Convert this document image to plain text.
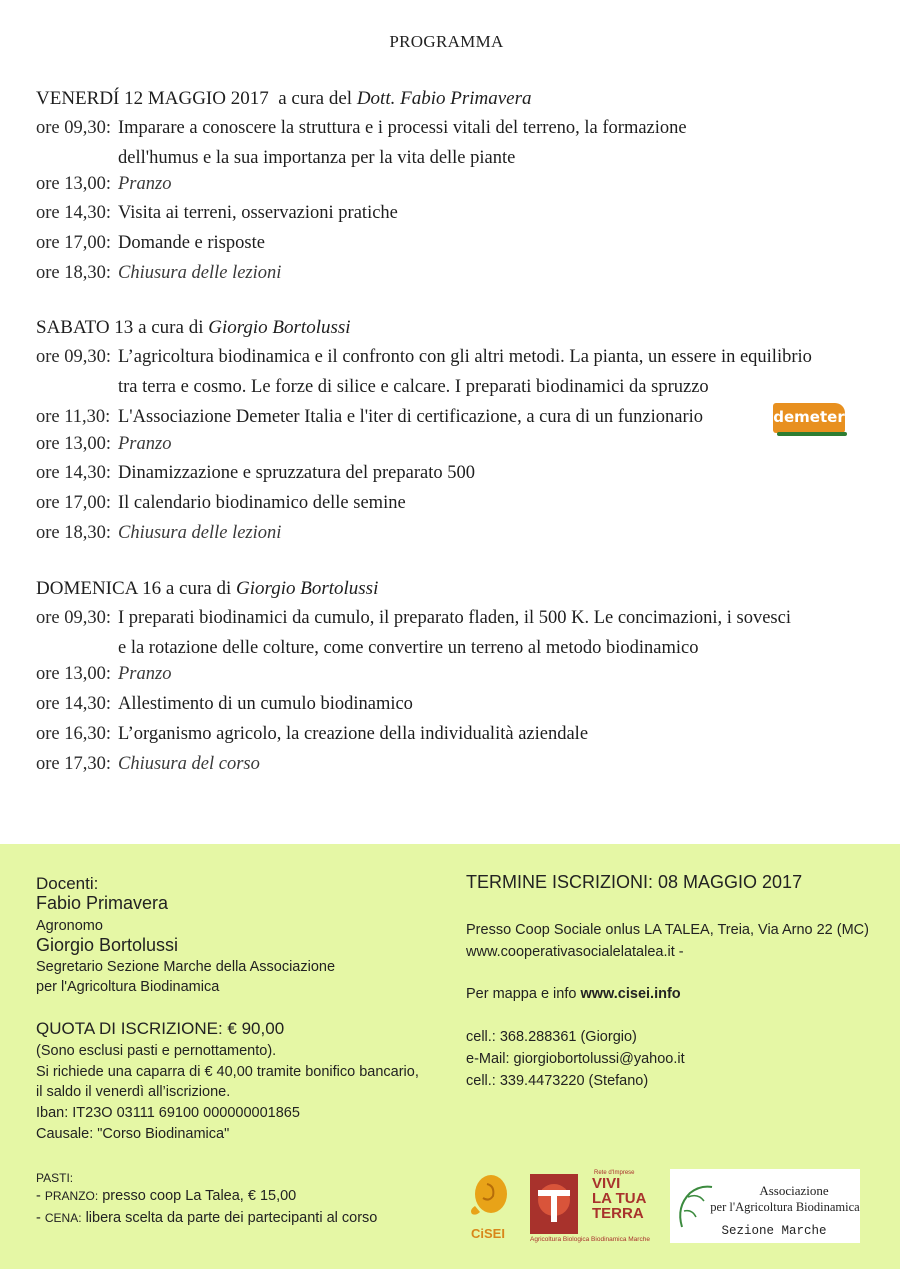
PROGRAMMA
VENERDÍ 12 MAGGIO 2017 a cura del Dott. Fabio Primavera
ore 09,30: Imparare a conoscere la struttura e i processi vitali del terreno, la formazione
dell'humus e la sua importanza per la vita delle piante
ore 13,00: Pranzo
ore 14,30: Visita ai terreni, osservazioni pratiche
ore 17,00: Domande e risposte
ore 18,30: Chiusura delle lezioni
SABATO 13 a cura di Giorgio Bortolussi
ore 09,30: L’agricoltura biodinamica e il confronto con gli altri metodi. La pianta, un essere in equilibrio
tra terra e cosmo. Le forze di silice e calcare. I preparati biodinamici da spruzzo
ore 11,30: L'Associazione Demeter Italia e l'iter di certificazione, a cura di un funzionario	demeter
ore 13,00: Pranzo
ore 14,30: Dinamizzazione e spruzzatura del preparato 500
ore 17,00: Il calendario biodinamico delle semine
ore 18,30: Chiusura delle lezioni
DOMENICA 16 a cura di Giorgio Bortolussi
ore 09,30: I preparati biodinamici da cumulo, il preparato fladen, il 500 K. Le concimazioni, i sovesci
e la rotazione delle colture, come convertire un terreno al metodo biodinamico
ore 13,00: Pranzo
ore 14,30: Allestimento di un cumulo biodinamico
ore 16,30: L’organismo agricolo, la creazione della individualità aziendale
ore 17,30: Chiusura del corso
Docenti:
Fabio Primavera
Agronomo
Giorgio Bortolussi
Segretario Sezione Marche della Associazione
per l'Agricoltura Biodinamica
QUOTA DI ISCRIZIONE: € 90,00
(Sono esclusi pasti e pernottamento).
Si richiede una caparra di € 40,00 tramite bonifico bancario,
il saldo il venerdì all’iscrizione.
Iban: IT23O 03111 69100 000000001865
Causale: "Corso Biodinamica"
PASTI:
- PRANZO: presso coop La Talea, € 15,00
- CENA: libera scelta da parte dei partecipanti al corso
TERMINE ISCRIZIONI: 08 MAGGIO 2017
Presso Coop Sociale onlus LA TALEA, Treia, Via Arno 22 (MC)
www.cooperativasocialelatalea.it -
Per mappa e info www.cisei.info
cell.: 368.288361 (Giorgio)
e-Mail: giorgiobortolussi@yahoo.it
cell.: 339.4473220 (Stefano)
CiSEI
Rete d'Imprese
VIVI
LA TUA
TERRA
Agricoltura Biologica Biodinamica Marche
Associazione
per l'Agricoltura Biodinamica
Sezione Marche
